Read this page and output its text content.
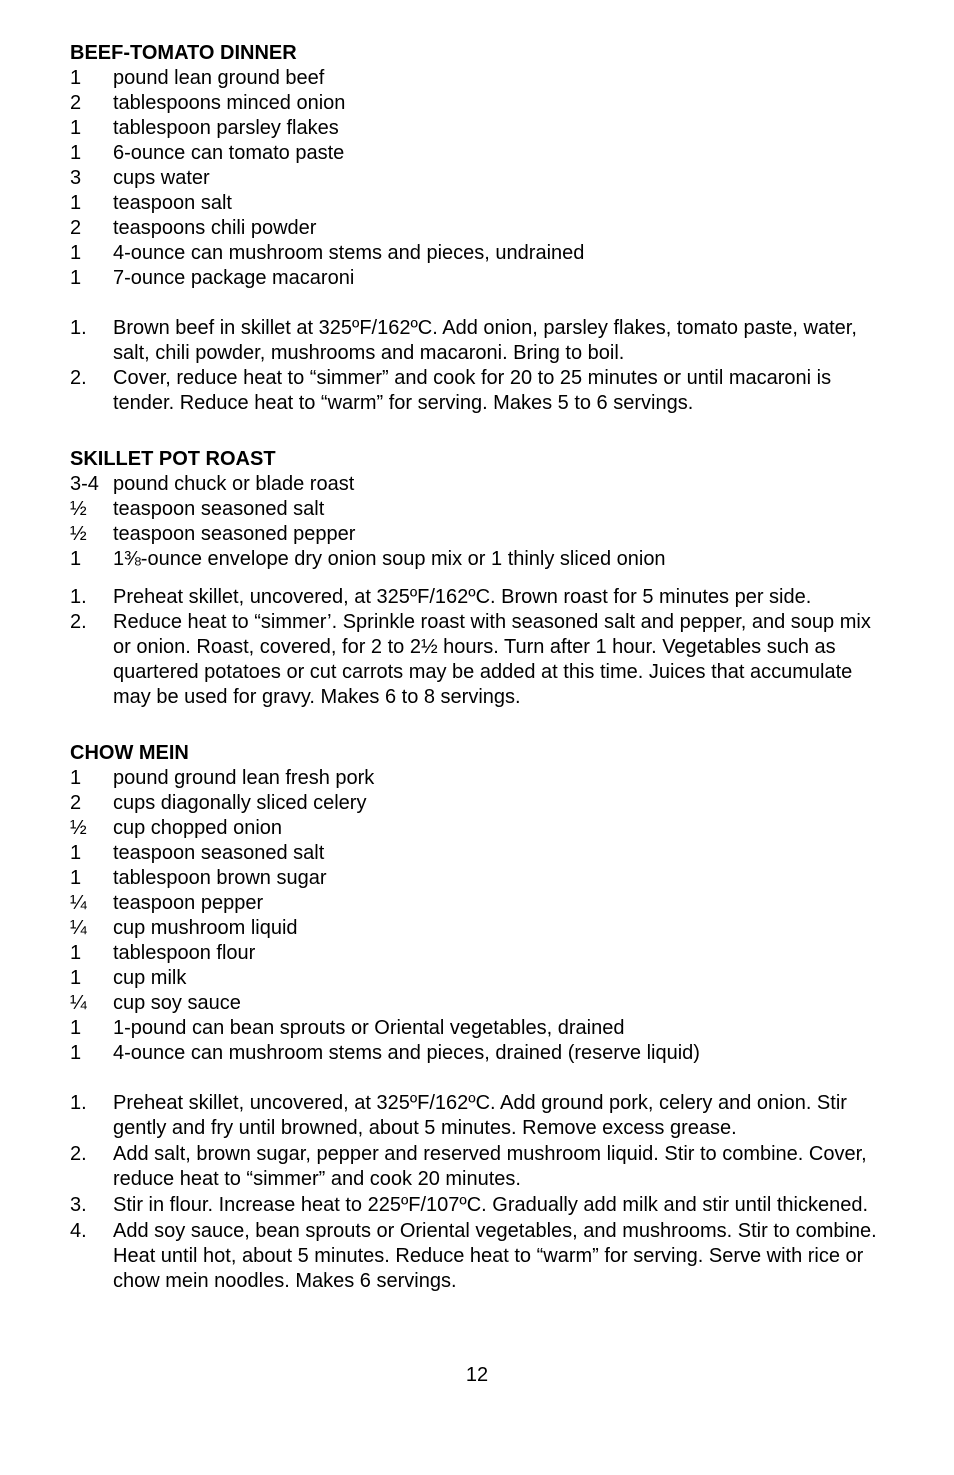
BEEF-TOMATO DINNER
1	pound lean ground beef
2	tablespoons minced onion
1	tablespoon parsley flakes
1	6-ounce can tomato paste
3	cups water
1	teaspoon salt
2	teaspoons chili powder
1	4-ounce can mushroom stems and pieces, undrained
1	7-ounce package macaroni
1.	Brown beef in skillet at 325ºF/162ºC. Add onion, parsley flakes, tomato paste, water, salt, chili powder, mushrooms and macaroni. Bring to boil.
2.	Cover, reduce heat to “simmer” and cook for 20 to 25 minutes or until macaroni is tender. Reduce heat to “warm” for serving. Makes 5 to 6 servings.
SKILLET POT ROAST
3-4 pound chuck or blade roast
½	teaspoon seasoned salt
½	teaspoon seasoned pepper
1	1⅜-ounce envelope dry onion soup mix or 1 thinly sliced onion
1.	Preheat skillet, uncovered, at 325ºF/162ºC. Brown roast for 5 minutes per side.
2.	Reduce heat to “simmer’. Sprinkle roast with seasoned salt and pepper, and soup mix or onion. Roast, covered, for 2 to 2½ hours. Turn after 1 hour. Vegetables such as quartered potatoes or cut carrots may be added at this time. Juices that accumulate may be used for gravy. Makes 6 to 8 servings.
CHOW MEIN
1	pound ground lean fresh pork
2	cups diagonally sliced celery
½	cup chopped onion
1	teaspoon seasoned salt
1	tablespoon brown sugar
¼	teaspoon pepper
¼	cup mushroom liquid
1	tablespoon flour
1	cup milk
¼	cup soy sauce
1	1-pound can bean sprouts or Oriental vegetables, drained
1	4-ounce can mushroom stems and pieces, drained (reserve liquid)
1.	Preheat skillet, uncovered, at 325ºF/162ºC. Add ground pork, celery and onion. Stir gently and fry until browned, about 5 minutes. Remove excess grease.
2.	Add salt, brown sugar, pepper and reserved mushroom liquid. Stir to combine. Cover, reduce heat to “simmer” and cook 20 minutes.
3.	Stir in flour. Increase heat to 225ºF/107ºC. Gradually add milk and stir until thickened.
4.	Add soy sauce, bean sprouts or Oriental vegetables, and mushrooms. Stir to combine. Heat until hot, about 5 minutes. Reduce heat to “warm” for serving. Serve with rice or chow mein noodles. Makes 6 servings.
12
